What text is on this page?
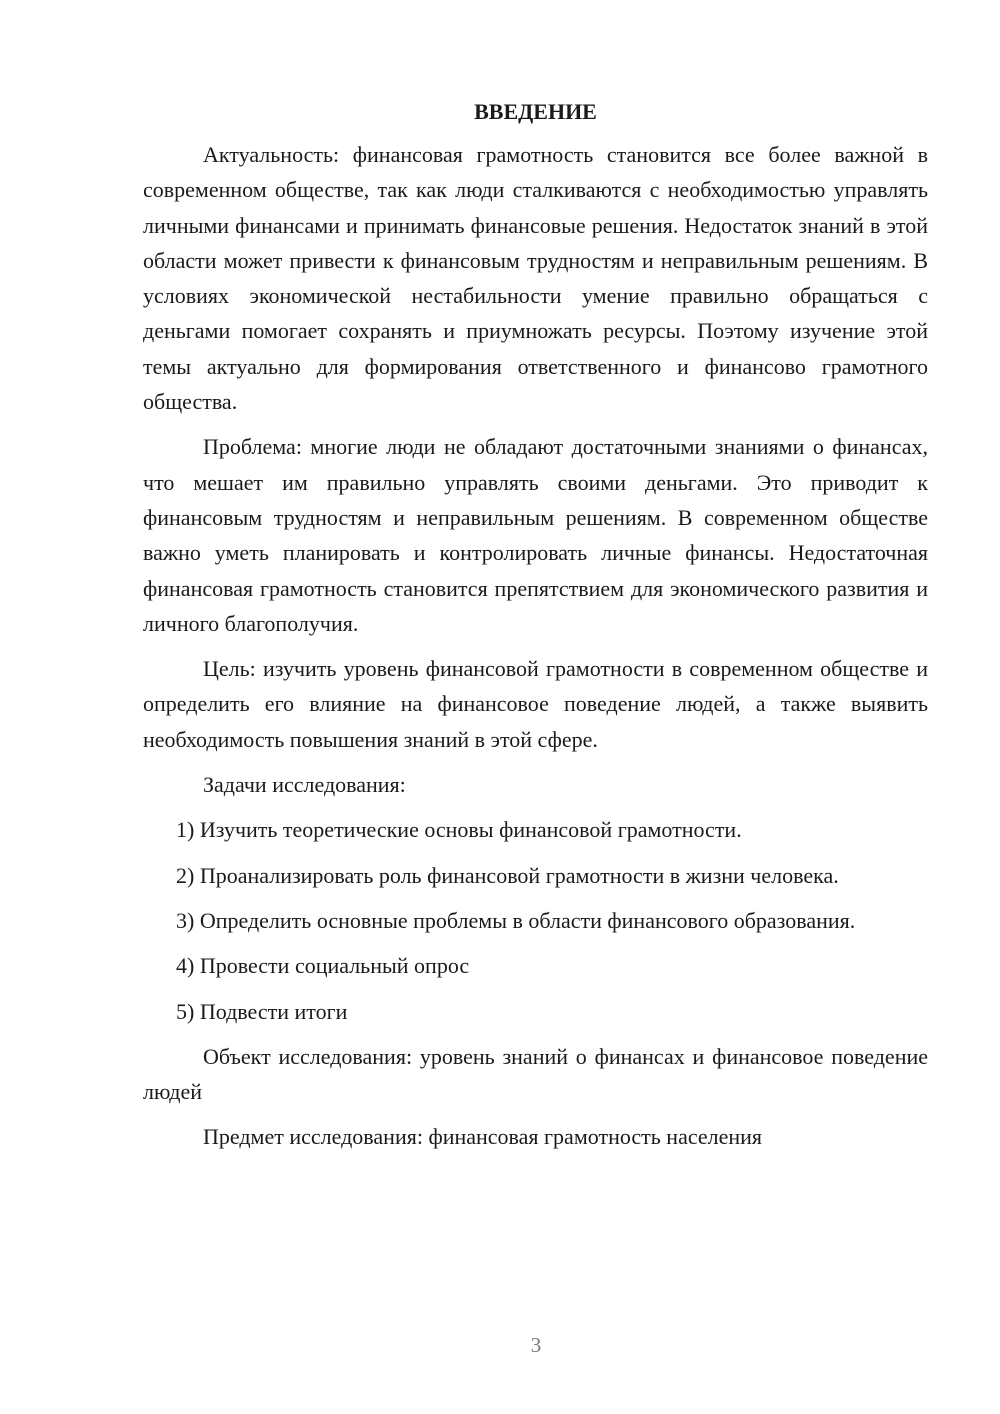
ВВЕДЕНИЕ

Актуальность: финансовая грамотность становится все более важной в современном обществе, так как люди сталкиваются с необходимостью управлять личными финансами и принимать финансовые решения. Недостаток знаний в этой области может привести к финансовым трудностям и неправильным решениям. В условиях экономической нестабильности умение правильно обращаться с деньгами помогает сохранять и приумножать ресурсы. Поэтому изучение этой темы актуально для формирования ответственного и финансово грамотного общества.

Проблема: многие люди не обладают достаточными знаниями о финансах, что мешает им правильно управлять своими деньгами. Это приводит к финансовым трудностям и неправильным решениям. В современном обществе важно уметь планировать и контролировать личные финансы. Недостаточная финансовая грамотность становится препятствием для экономического развития и личного благополучия.

Цель: изучить уровень финансовой грамотности в современном обществе и определить его влияние на финансовое поведение людей, а также выявить необходимость повышения знаний в этой сфере.

Задачи исследования:

1) Изучить теоретические основы финансовой грамотности.

2) Проанализировать роль финансовой грамотности в жизни человека.

3) Определить основные проблемы в области финансового образования.

4) Провести социальный опрос

5) Подвести итоги

Объект исследования: уровень знаний о финансах и финансовое поведение людей

Предмет исследования: финансовая грамотность населения

3
